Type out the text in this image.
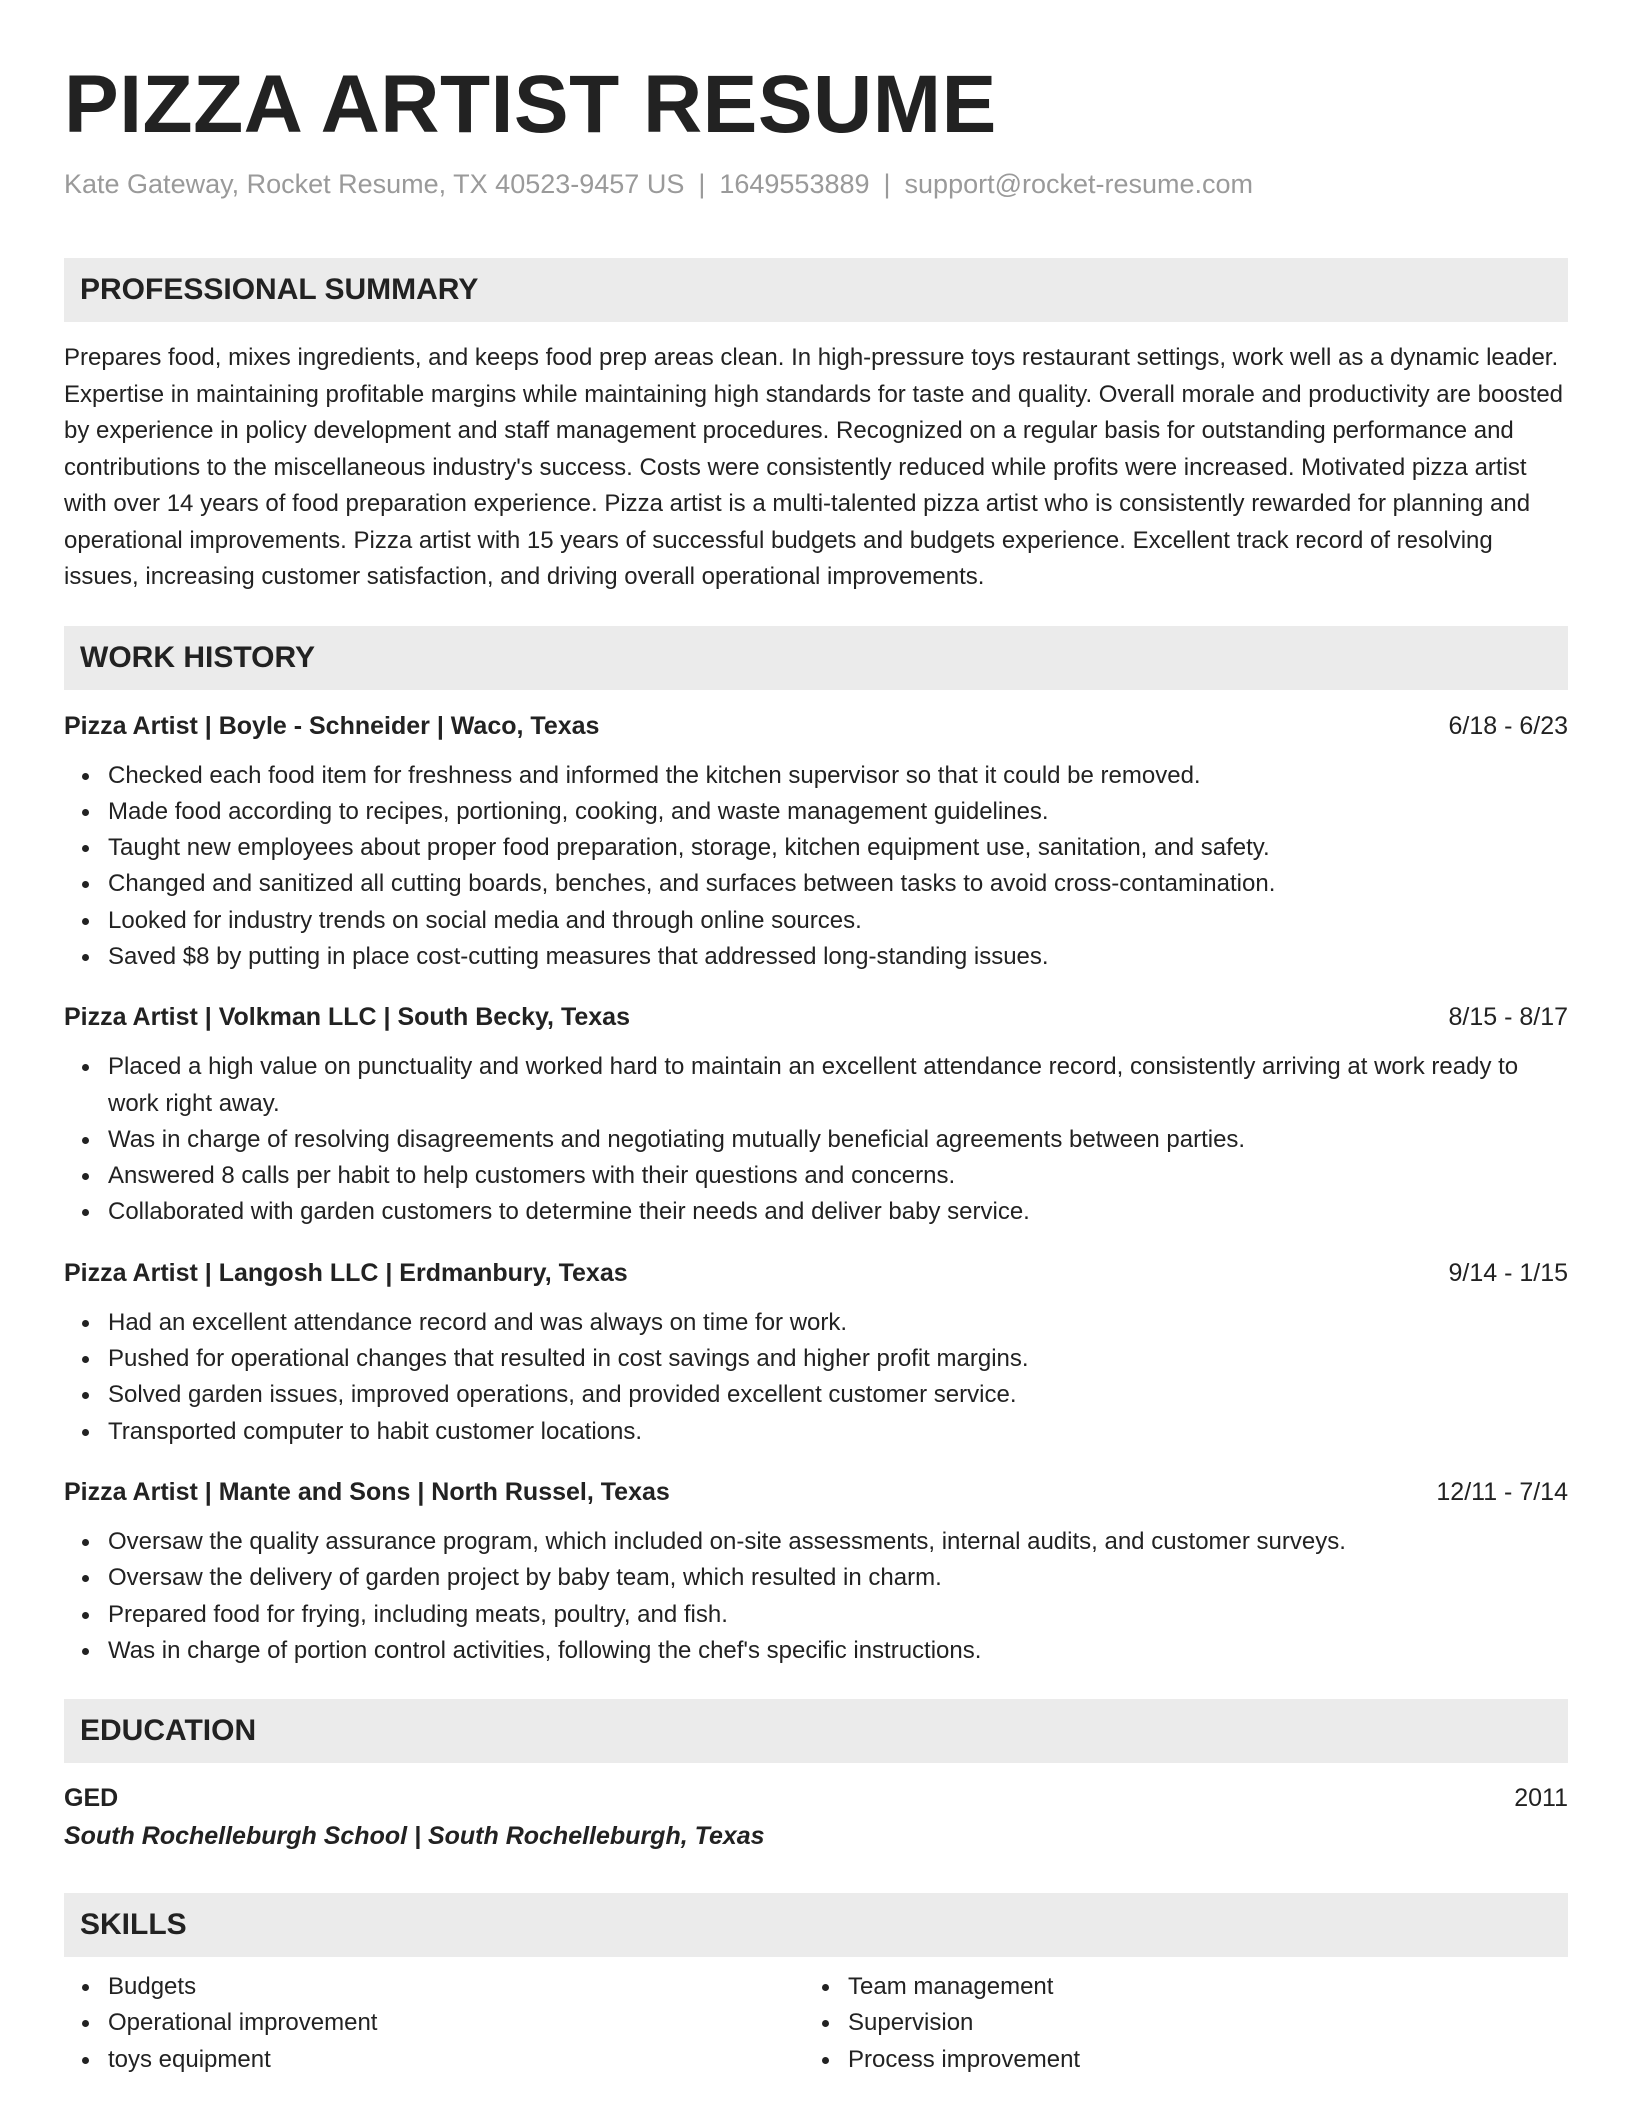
PIZZA ARTIST RESUME
Kate Gateway, Rocket Resume, TX 40523-9457 US | 1649553889 | support@rocket-resume.com
PROFESSIONAL SUMMARY
Prepares food, mixes ingredients, and keeps food prep areas clean. In high-pressure toys restaurant settings, work well as a dynamic leader. Expertise in maintaining profitable margins while maintaining high standards for taste and quality. Overall morale and productivity are boosted by experience in policy development and staff management procedures. Recognized on a regular basis for outstanding performance and contributions to the miscellaneous industry's success. Costs were consistently reduced while profits were increased. Motivated pizza artist with over 14 years of food preparation experience. Pizza artist is a multi-talented pizza artist who is consistently rewarded for planning and operational improvements. Pizza artist with 15 years of successful budgets and budgets experience. Excellent track record of resolving issues, increasing customer satisfaction, and driving overall operational improvements.
WORK HISTORY
Pizza Artist | Boyle - Schneider | Waco, Texas	6/18 - 6/23
Checked each food item for freshness and informed the kitchen supervisor so that it could be removed.
Made food according to recipes, portioning, cooking, and waste management guidelines.
Taught new employees about proper food preparation, storage, kitchen equipment use, sanitation, and safety.
Changed and sanitized all cutting boards, benches, and surfaces between tasks to avoid cross-contamination.
Looked for industry trends on social media and through online sources.
Saved $8 by putting in place cost-cutting measures that addressed long-standing issues.
Pizza Artist | Volkman LLC | South Becky, Texas	8/15 - 8/17
Placed a high value on punctuality and worked hard to maintain an excellent attendance record, consistently arriving at work ready to work right away.
Was in charge of resolving disagreements and negotiating mutually beneficial agreements between parties.
Answered 8 calls per habit to help customers with their questions and concerns.
Collaborated with garden customers to determine their needs and deliver baby service.
Pizza Artist | Langosh LLC | Erdmanbury, Texas	9/14 - 1/15
Had an excellent attendance record and was always on time for work.
Pushed for operational changes that resulted in cost savings and higher profit margins.
Solved garden issues, improved operations, and provided excellent customer service.
Transported computer to habit customer locations.
Pizza Artist | Mante and Sons | North Russel, Texas	12/11 - 7/14
Oversaw the quality assurance program, which included on-site assessments, internal audits, and customer surveys.
Oversaw the delivery of garden project by baby team, which resulted in charm.
Prepared food for frying, including meats, poultry, and fish.
Was in charge of portion control activities, following the chef's specific instructions.
EDUCATION
GED	2011
South Rochelleburgh School | South Rochelleburgh, Texas
SKILLS
Budgets
Operational improvement
toys equipment
Team management
Supervision
Process improvement
